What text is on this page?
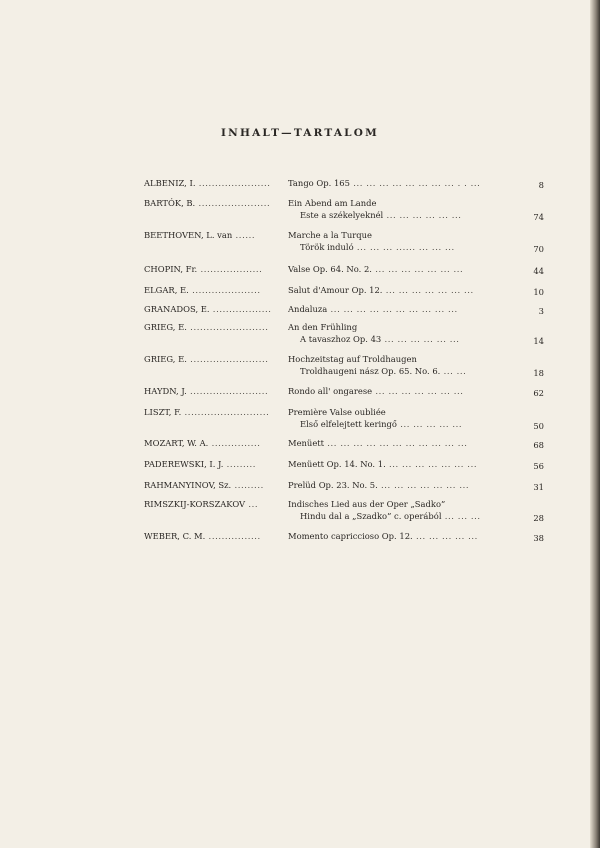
INHALT—TARTALOM
ALBENIZ, I. ......................	Tango Op. 165 ... ... ... ... ... ... ... ... . . ...	8
BARTÓK, B. ......................	Ein Abend am Lande
Este a székelyeknél ... ... ... ... ... ...	74
BEETHOVEN, L. van ......	Marche a la Turque
Török induló ... ... ... ...... ... ... ...	70
CHOPIN, Fr. ...................	Valse Op. 64. No. 2. ... ... ... ... ... ... ...	44
ELGAR, E. .....................	Salut d'Amour Op. 12. ... ... ... ... ... ... ...	10
GRANADOS, E. .................. Andaluza ... ... ... ... ... ... ... ... ... ...	3
GRIEG, E. ........................	An den Frühling
A tavaszhoz Op. 43 ... ... ... ... ... ...	14
GRIEG, E. ........................	Hochzeitstag auf Troldhaugen
Troldhaugeni nász Op. 65. No. 6. ... ...	18
HAYDN, J. ........................	Rondo all' ongarese ... ... ... ... ... ... ...	62
LISZT, F. ..........................	Première Valse oubliée
Első elfelejtett keringő ... ... ... ... ...	50
MOZART, W. A. ...............	Menüett ... ... ... ... ... ... ... ... ... ... ...	68
PADEREWSKI, I. J. .........	Menüett Op. 14. No. 1. ... ... ... ... ... ... ...	56
RAHMANYINOV, Sz. .........	Prelüd Op. 23. No. 5. ... ... ... ... ... ... ...	31
RIMSZKIJ-KORSZAKOV ...	Indisches Lied aus der Oper „Sadko”
Hindu dal a „Szadko” c. operából ... ... ...	28
WEBER, C. M. ................	Momento capriccioso Op. 12. ... ... ... ... ...	38
